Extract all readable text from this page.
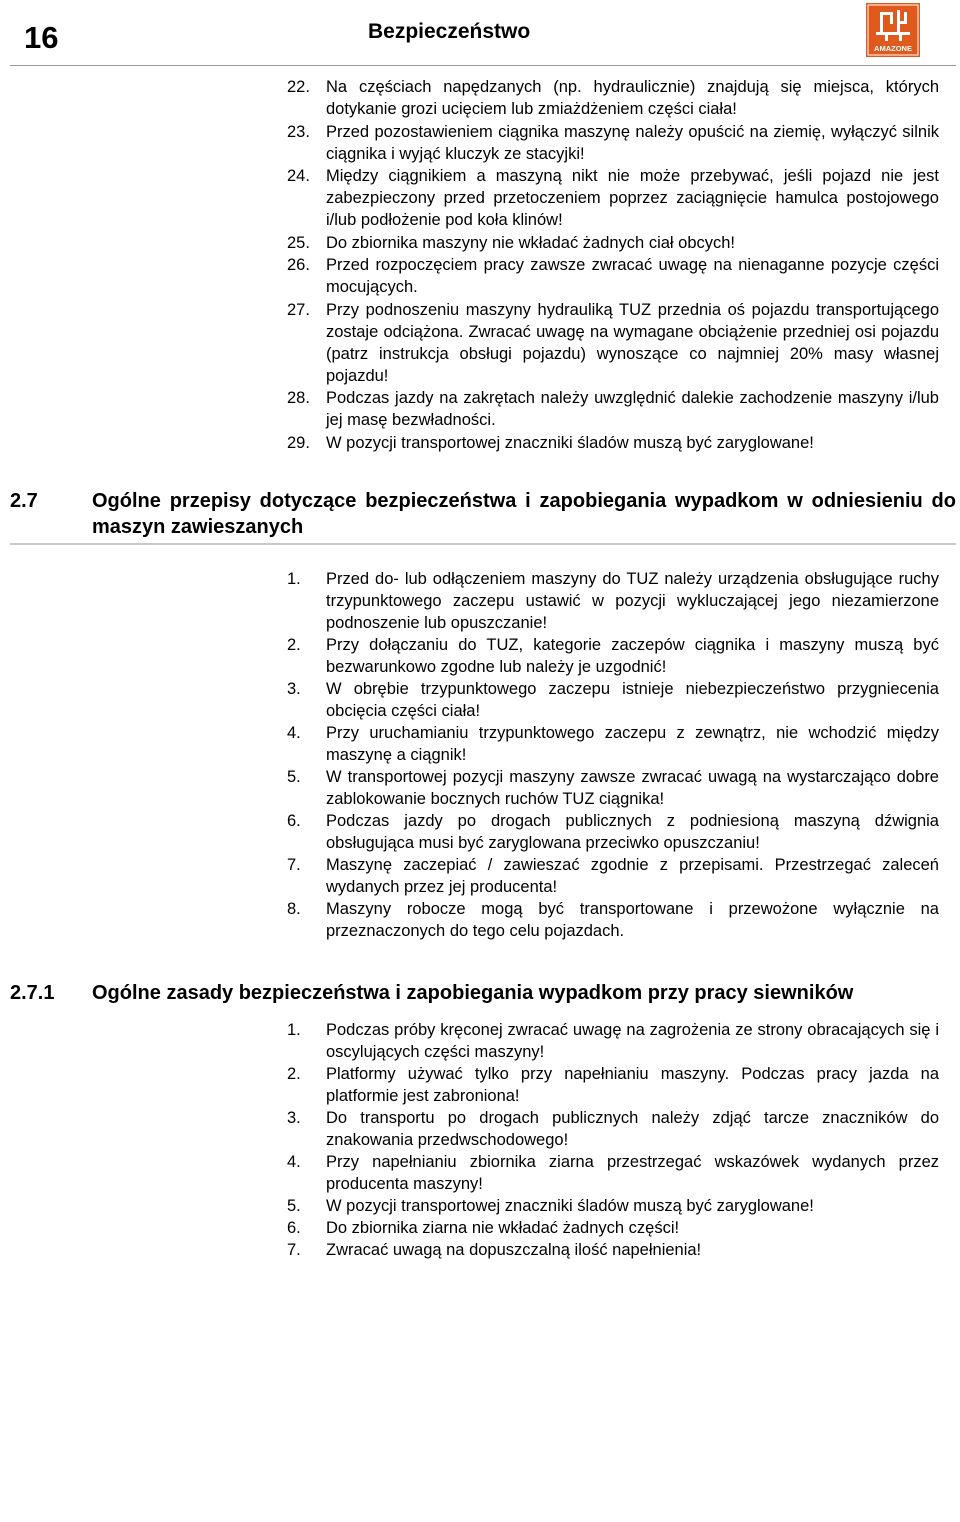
16	Bezpieczeństwo
AMAZONE
22. Na częściach napędzanych (np. hydraulicznie) znajdują się miejsca, których dotykanie grozi ucięciem lub zmiażdżeniem części ciała!
23. Przed pozostawieniem ciągnika maszynę należy opuścić na ziemię, wyłączyć silnik ciągnika i wyjąć kluczyk ze stacyjki!
24. Między ciągnikiem a maszyną nikt nie może przebywać, jeśli pojazd nie jest zabezpieczony przed przetoczeniem poprzez zaciągnięcie hamulca postojowego i/lub podłożenie pod koła klinów!
25. Do zbiornika maszyny nie wkładać żadnych ciał obcych!
26. Przed rozpoczęciem pracy zawsze zwracać uwagę na nienaganne pozycje części mocujących.
27. Przy podnoszeniu maszyny hydrauliką TUZ przednia oś pojazdu transportującego zostaje odciążona. Zwracać uwagę na wymagane obciążenie przedniej osi pojazdu (patrz instrukcja obsługi pojazdu) wynoszące co najmniej 20% masy własnej pojazdu!
28. Podczas jazdy na zakrętach należy uwzględnić dalekie zachodzenie maszyny i/lub jej masę bezwładności.
29. W pozycji transportowej znaczniki śladów muszą być zaryglowane!
2.7	Ogólne przepisy dotyczące bezpieczeństwa i zapobiegania wypadkom w odniesieniu do maszyn zawieszanych
1. Przed do- lub odłączeniem maszyny do TUZ należy urządzenia obsługujące ruchy trzypunktowego zaczepu ustawić w pozycji wykluczającej jego niezamierzone podnoszenie lub opuszczanie!
2. Przy dołączaniu do TUZ, kategorie zaczepów ciągnika i maszyny muszą być bezwarunkowo zgodne lub należy je uzgodnić!
3. W obrębie trzypunktowego zaczepu istnieje niebezpieczeństwo przygniecenia obcięcia części ciała!
4. Przy uruchamianiu trzypunktowego zaczepu z zewnątrz, nie wchodzić między maszynę a ciągnik!
5. W transportowej pozycji maszyny zawsze zwracać uwagą na wystarczająco dobre zablokowanie bocznych ruchów TUZ ciągnika!
6. Podczas jazdy po drogach publicznych z podniesioną maszyną dźwignia obsługująca musi być zaryglowana przeciwko opuszczaniu!
7. Maszynę zaczepiać / zawieszać zgodnie z przepisami. Przestrzegać zaleceń wydanych przez jej producenta!
8. Maszyny robocze mogą być transportowane i przewożone wyłącznie na przeznaczonych do tego celu pojazdach.
2.7.1 Ogólne zasady bezpieczeństwa i zapobiegania wypadkom przy pracy siewników
1. Podczas próby kręconej zwracać uwagę na zagrożenia ze strony obracających się i oscylujących części maszyny!
2. Platformy używać tylko przy napełnianiu maszyny. Podczas pracy jazda na platformie jest zabroniona!
3. Do transportu po drogach publicznych należy zdjąć tarcze znaczników do znakowania przedwschodowego!
4. Przy napełnianiu zbiornika ziarna przestrzegać wskazówek wydanych przez producenta maszyny!
5. W pozycji transportowej znaczniki śladów muszą być zaryglowane!
6. Do zbiornika ziarna nie wkładać żadnych części!
7. Zwracać uwagą na dopuszczalną ilość napełnienia!
